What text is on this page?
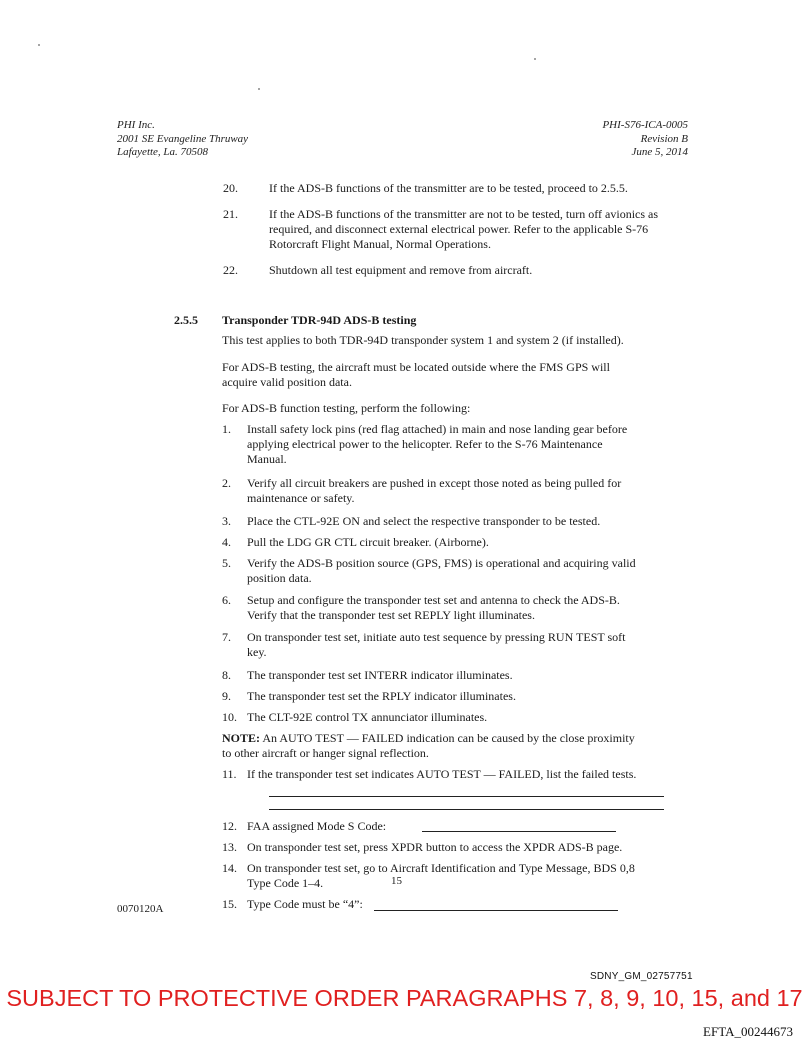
PHI Inc.
2001 SE Evangeline Thruway
Lafayette, La. 70508
PHI-S76-ICA-0005
Revision B
June 5, 2014
20.	If the ADS-B functions of the transmitter are to be tested, proceed to 2.5.5.
21.	If the ADS-B functions of the transmitter are not to be tested, turn off avionics as
required, and disconnect external electrical power. Refer to the applicable S-76
Rotorcraft Flight Manual, Normal Operations.
22.	Shutdown all test equipment and remove from aircraft.
2.5.5 Transponder TDR-94D ADS-B testing
This test applies to both TDR-94D transponder system 1 and system 2 (if installed).
For ADS-B testing, the aircraft must be located outside where the FMS GPS will
acquire valid position data.
For ADS-B function testing, perform the following:
1. Install safety lock pins (red flag attached) in main and nose landing gear before
applying electrical power to the helicopter. Refer to the S-76 Maintenance
Manual.
2. Verify all circuit breakers are pushed in except those noted as being pulled for
maintenance or safety.
3. Place the CTL-92E ON and select the respective transponder to be tested.
4. Pull the LDG GR CTL circuit breaker. (Airborne).
5. Verify the ADS-B position source (GPS, FMS) is operational and acquiring valid
position data.
6. Setup and configure the transponder test set and antenna to check the ADS-B.
Verify that the transponder test set REPLY light illuminates.
7. On transponder test set, initiate auto test sequence by pressing RUN TEST soft
key.
8. The transponder test set INTERR indicator illuminates.
9. The transponder test set the RPLY indicator illuminates.
10. The CLT-92E control TX annunciator illuminates.
NOTE: An AUTO TEST — FAILED indication can be caused by the close proximity
to other aircraft or hanger signal reflection.
11. If the transponder test set indicates AUTO TEST — FAILED, list the failed tests.
12. FAA assigned Mode S Code:
13. On transponder test set, press XPDR button to access the XPDR ADS-B page.
14. On transponder test set, go to Aircraft Identification and Type Message, BDS 0,8
Type Code 1–4.
15. Type Code must be “4”:
15
0070120A
SDNY_GM_02757751
SUBJECT TO PROTECTIVE ORDER PARAGRAPHS 7, 8, 9, 10, 15, and 17
EFTA_00244673
